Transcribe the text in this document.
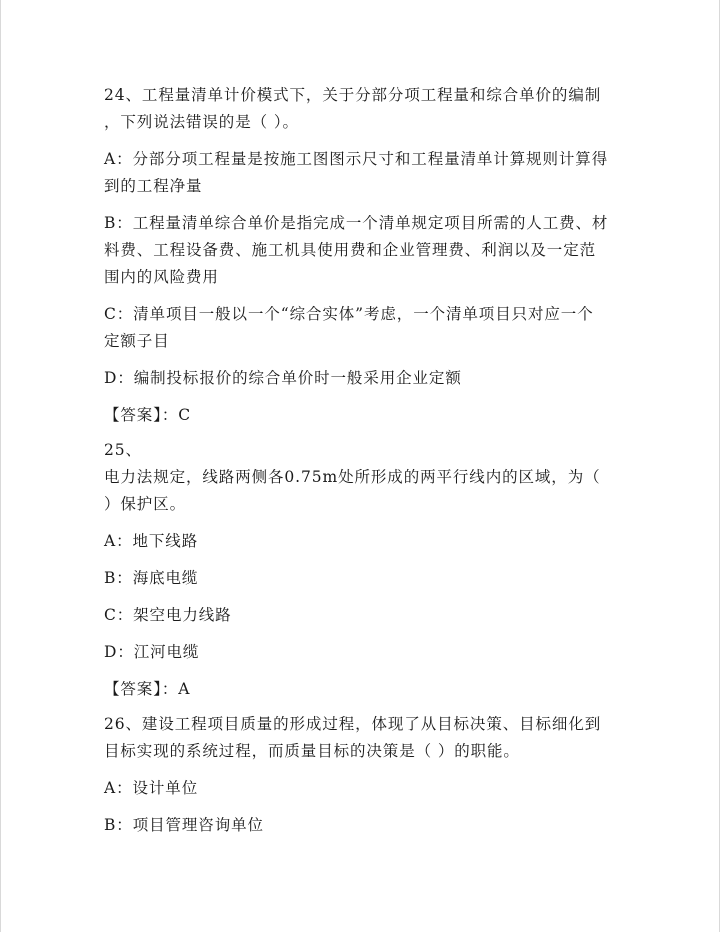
24、工程量清单计价模式下，关于分部分项工程量和综合单价的编制
，下列说法错误的是（ ）。
A：分部分项工程量是按施工图图示尺寸和工程量清单计算规则计算得
到的工程净量
B：工程量清单综合单价是指完成一个清单规定项目所需的人工费、材
料费、工程设备费、施工机具使用费和企业管理费、利润以及一定范
围内的风险费用
C：清单项目一般以一个“综合实体”考虑，一个清单项目只对应一个
定额子目
D：编制投标报价的综合单价时一般采用企业定额
【答案】：C
25、
电力法规定，线路两侧各0.75m处所形成的两平行线内的区域，为（
）保护区。
A：地下线路
B：海底电缆
C：架空电力线路
D：江河电缆
【答案】：A
26、建设工程项目质量的形成过程，体现了从目标决策、目标细化到
目标实现的系统过程，而质量目标的决策是（ ）的职能。
A：设计单位
B：项目管理咨询单位
